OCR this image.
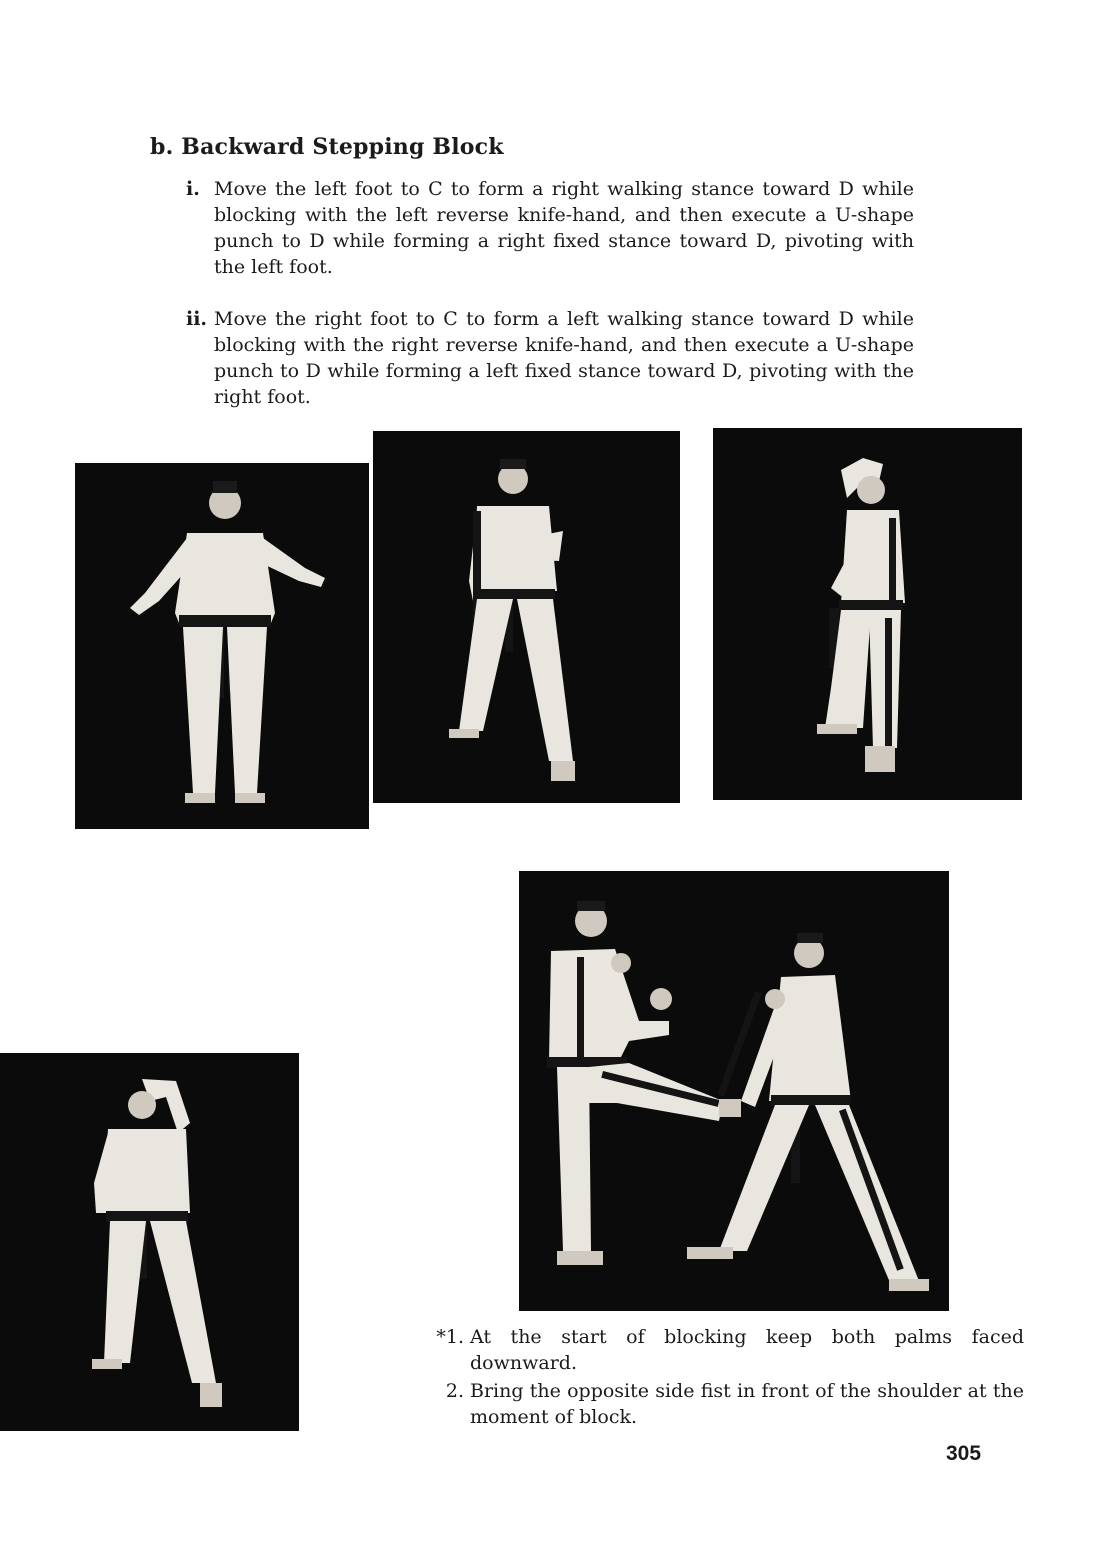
b. Backward Stepping Block
i. Move the left foot to C to form a right walking stance toward D while blocking with the left reverse knife-hand, and then execute a U-shape punch to D while forming a right fixed stance toward D, pivoting with the left foot.
ii. Move the right foot to C to form a left walking stance toward D while blocking with the right reverse knife-hand, and then execute a U-shape punch to D while forming a left fixed stance toward D, pivoting with the right foot.
*1. At the start of blocking keep both palms faced downward.
2. Bring the opposite side fist in front of the shoulder at the moment of block.
305
